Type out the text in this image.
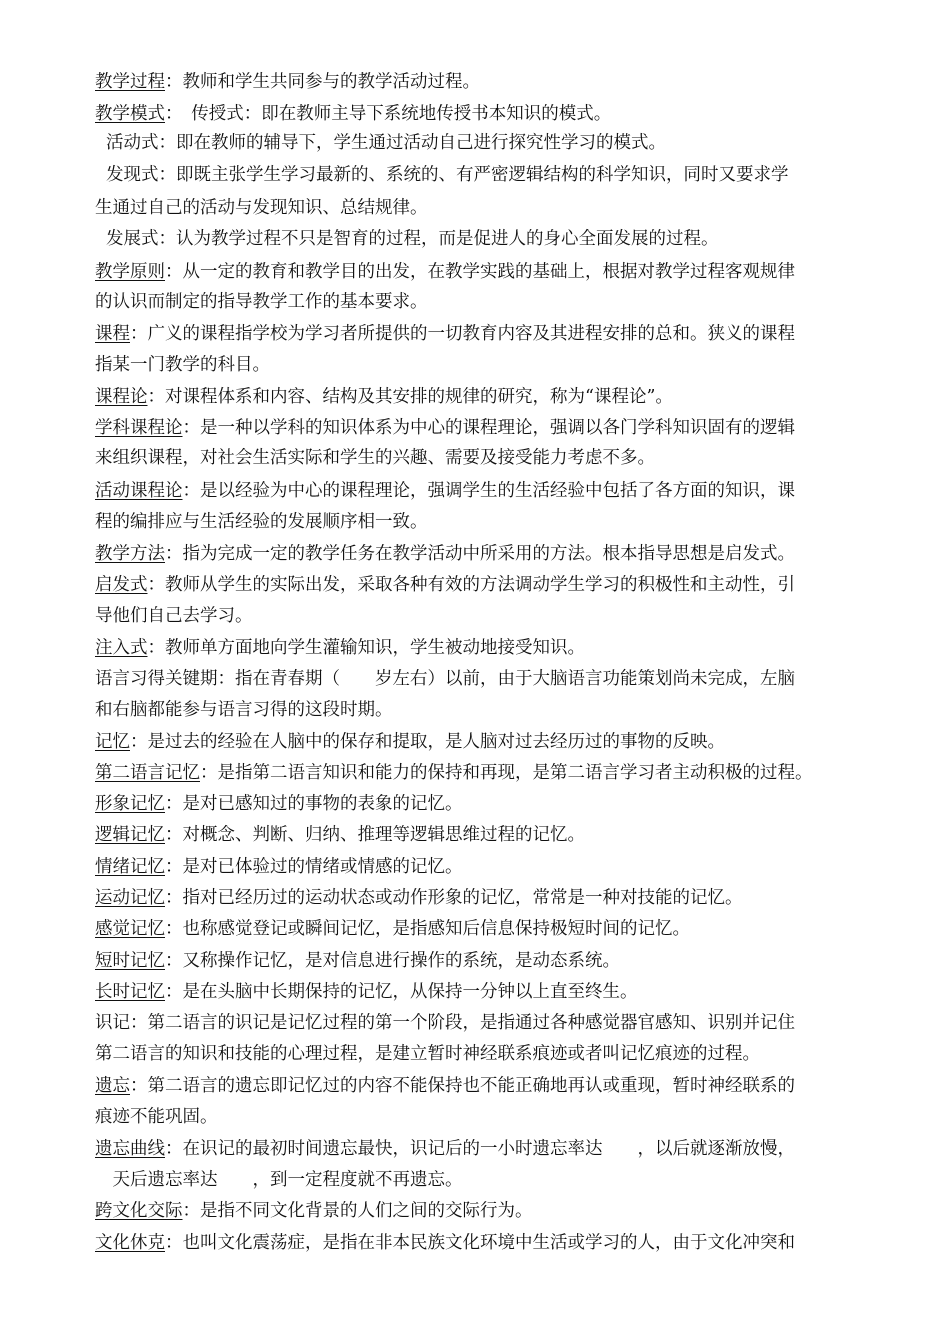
教学过程：教师和学生共同参与的教学活动过程。
教学模式：　传授式：即在教师主导下系统地传授书本知识的模式。
活动式：即在教师的辅导下，学生通过活动自己进行探究性学习的模式。
发现式：即既主张学生学习最新的、系统的、有严密逻辑结构的科学知识，同时又要求学
生通过自己的活动与发现知识、总结规律。
发展式：认为教学过程不只是智育的过程，而是促进人的身心全面发展的过程。
教学原则：从一定的教育和教学目的出发，在教学实践的基础上，根据对教学过程客观规律
的认识而制定的指导教学工作的基本要求。
课程：广义的课程指学校为学习者所提供的一切教育内容及其进程安排的总和。狭义的课程
指某一门教学的科目。
课程论：对课程体系和内容、结构及其安排的规律的研究，称为“课程论”。
学科课程论：是一种以学科的知识体系为中心的课程理论，强调以各门学科知识固有的逻辑
来组织课程，对社会生活实际和学生的兴趣、需要及接受能力考虑不多。
活动课程论：是以经验为中心的课程理论，强调学生的生活经验中包括了各方面的知识，课
程的编排应与生活经验的发展顺序相一致。
教学方法：指为完成一定的教学任务在教学活动中所采用的方法。根本指导思想是启发式。
启发式：教师从学生的实际出发，采取各种有效的方法调动学生学习的积极性和主动性，引
导他们自己去学习。
注入式：教师单方面地向学生灌输知识，学生被动地接受知识。
语言习得关键期：指在青春期（　　岁左右）以前，由于大脑语言功能策划尚未完成，左脑
和右脑都能参与语言习得的这段时期。
记忆：是过去的经验在人脑中的保存和提取，是人脑对过去经历过的事物的反映。
第二语言记忆：是指第二语言知识和能力的保持和再现，是第二语言学习者主动积极的过程。
形象记忆：是对已感知过的事物的表象的记忆。
逻辑记忆：对概念、判断、归纳、推理等逻辑思维过程的记忆。
情绪记忆：是对已体验过的情绪或情感的记忆。
运动记忆：指对已经历过的运动状态或动作形象的记忆，常常是一种对技能的记忆。
感觉记忆：也称感觉登记或瞬间记忆，是指感知后信息保持极短时间的记忆。
短时记忆：又称操作记忆，是对信息进行操作的系统，是动态系统。
长时记忆：是在头脑中长期保持的记忆，从保持一分钟以上直至终生。
识记：第二语言的识记是记忆过程的第一个阶段，是指通过各种感觉器官感知、识别并记住
第二语言的知识和技能的心理过程，是建立暂时神经联系痕迹或者叫记忆痕迹的过程。
遗忘：第二语言的遗忘即记忆过的内容不能保持也不能正确地再认或重现，暂时神经联系的
痕迹不能巩固。
遗忘曲线：在识记的最初时间遗忘最快，识记后的一小时遗忘率达　　，以后就逐渐放慢，
　天后遗忘率达　　，到一定程度就不再遗忘。
跨文化交际：是指不同文化背景的人们之间的交际行为。
文化休克：也叫文化震荡症，是指在非本民族文化环境中生活或学习的人，由于文化冲突和
